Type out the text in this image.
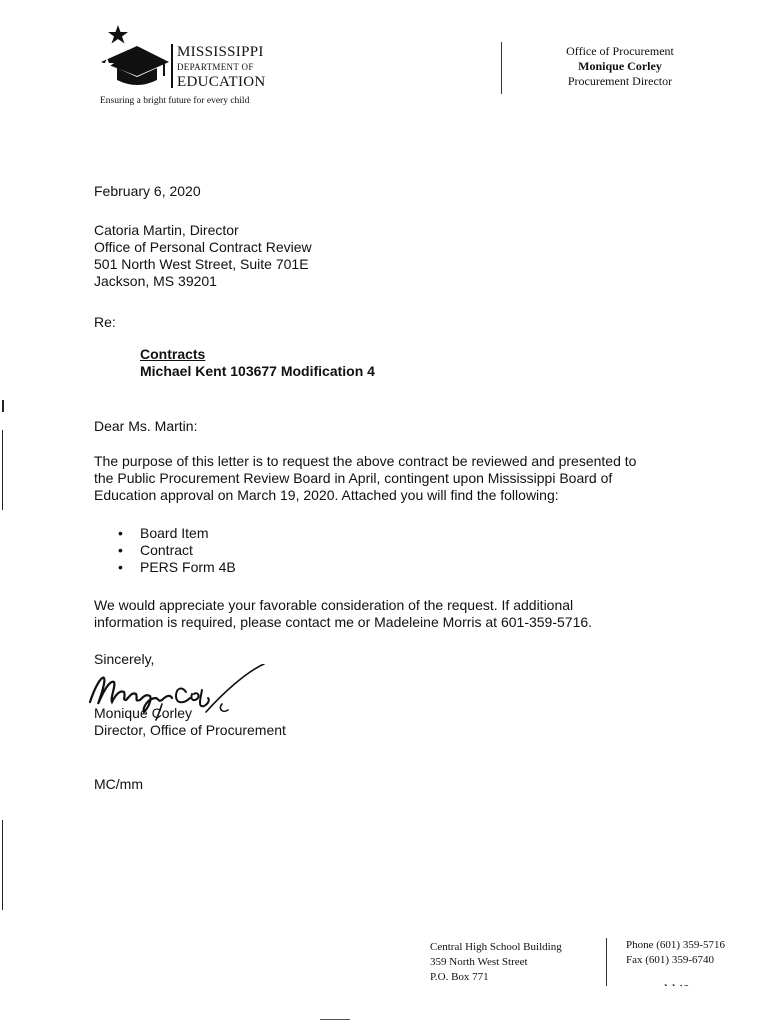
MISSISSIPPI
DEPARTMENT OF
EDUCATION
Ensuring a bright future for every child
Office of Procurement
Monique Corley
Procurement Director
February 6, 2020
Catoria Martin, Director
Office of Personal Contract Review
501 North West Street, Suite 701E
Jackson, MS 39201
Re:
Contracts
Michael Kent 103677 Modification 4
Dear Ms. Martin:
The purpose of this letter is to request the above contract be reviewed and presented to
the Public Procurement Review Board in April, contingent upon Mississippi Board of
Education approval on March 19, 2020. Attached you will find the following:
• Board Item
• Contract
• PERS Form 4B
We would appreciate your favorable consideration of the request. If additional
information is required, please contact me or Madeleine Morris at 601-359-5716.
Sincerely,
Monique Corley
Director, Office of Procurement
MC/mm
Central High School Building
359 North West Street
P.O. Box 771
Phone (601) 359-5716
Fax (601) 359-6740
